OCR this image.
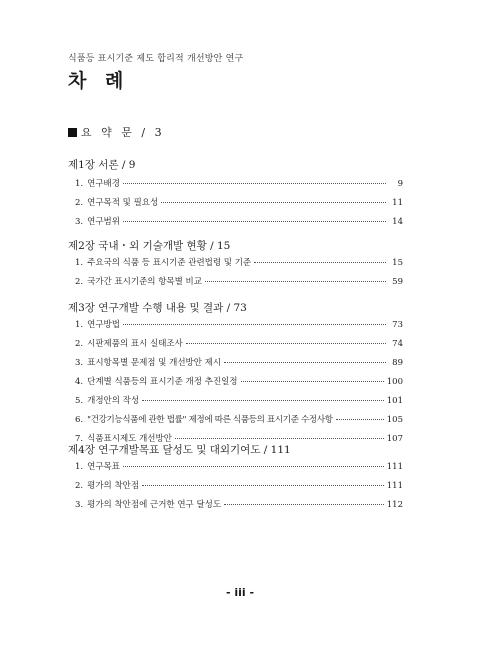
식품등 표시기준 제도 합리적 개선방안 연구
차 례
요 약 문 / 3
제1장 서론 / 9
1. 연구배경	9
2. 연구목적 및 필요성	11
3. 연구범위	14
제2장 국내・외 기술개발 현황 / 15
1. 주요국의 식품 등 표시기준 관련법령 및 기준	15
2. 국가간 표시기준의 항목별 비교	59
제3장 연구개발 수행 내용 및 결과 / 73
1. 연구방법	73
2. 시판제품의 표시 실태조사	74
3. 표시항목별 문제점 및 개선방안 제시	89
4. 단계별 식품등의 표시기준 개정 추진일정	100
5. 개정안의 작성	101
6. "건강기능식품에 관한 법률" 제정에 따른 식품등의 표시기준 수정사항	105
7. 식품표시제도 개선방안	107
제4장 연구개발목표 달성도 및 대외기여도 / 111
1. 연구목표	111
2. 평가의 착안점	111
3. 평가의 착안점에 근거한 연구 달성도	112
- iii -
